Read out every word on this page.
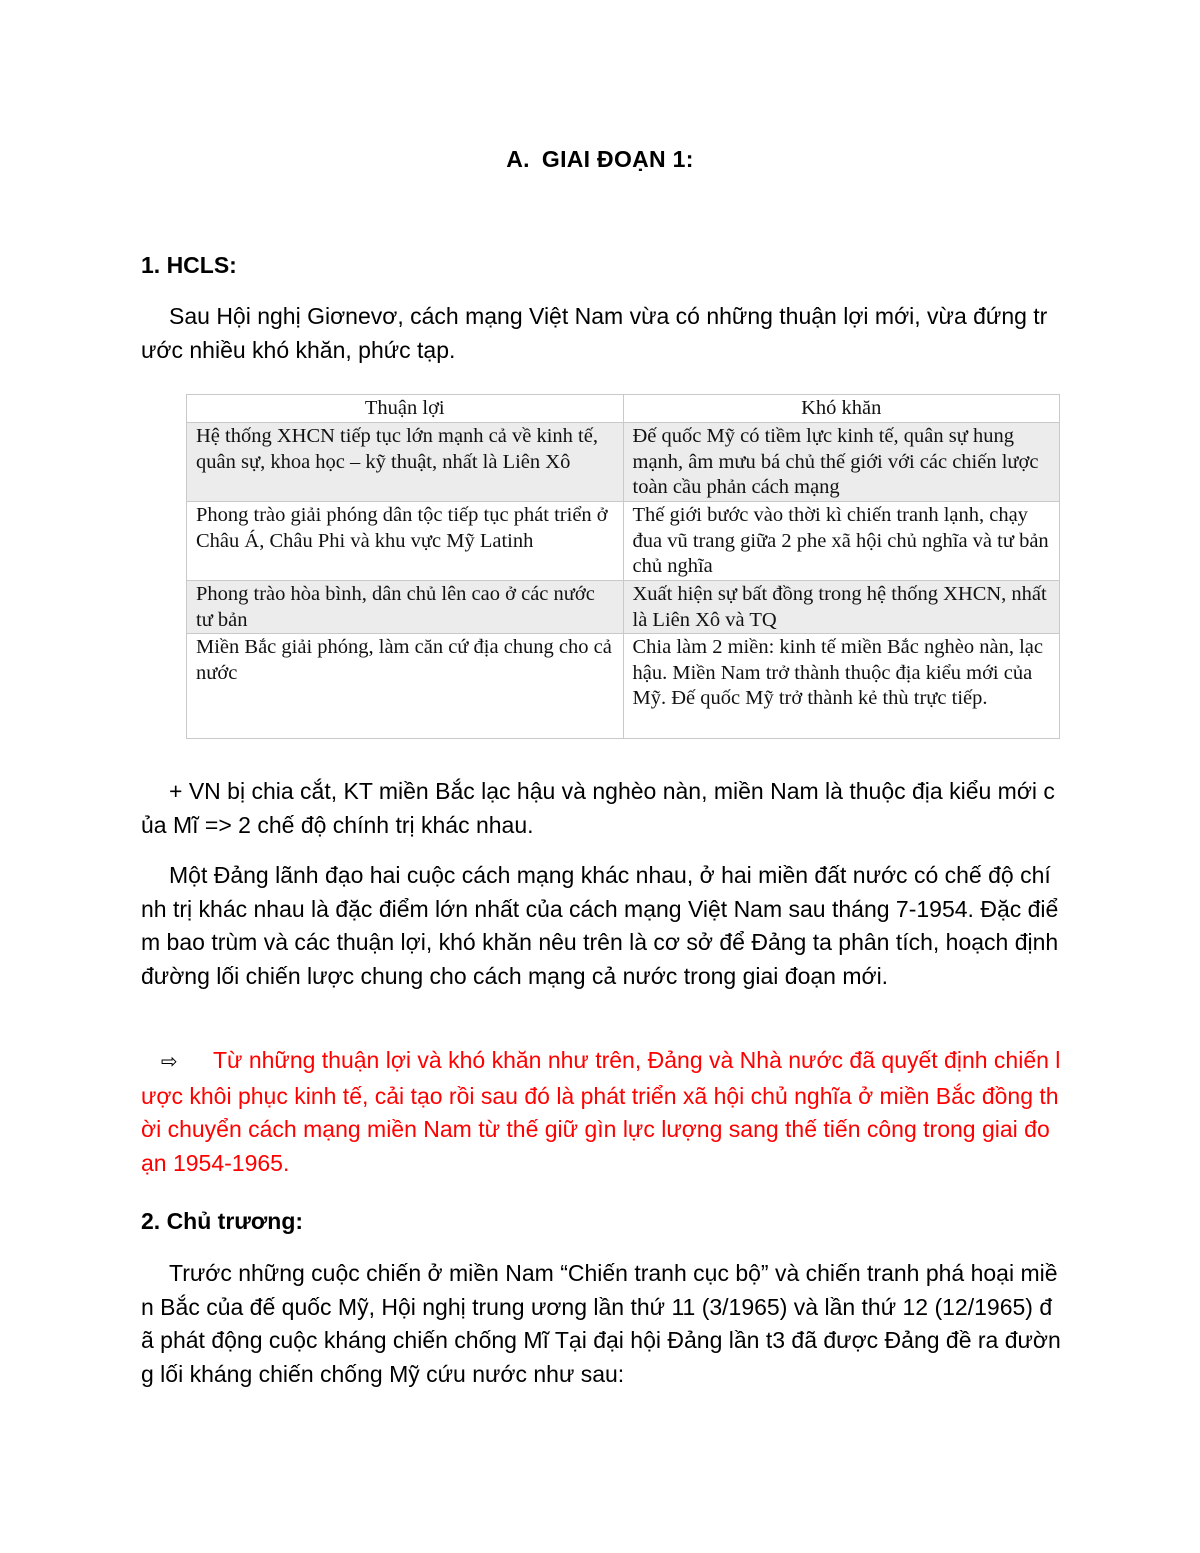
A. GIAI ĐOẠN 1:
1. HCLS:

Sau Hội nghị Giơnevơ, cách mạng Việt Nam vừa có những thuận lợi mới, vừa đứng trước nhiều khó khăn, phức tạp.

Thuận lợi	Khó khăn
Hệ thống XHCN tiếp tục lớn mạnh cả về kinh tế, quân sự, khoa học – kỹ thuật, nhất là Liên Xô	Đế quốc Mỹ có tiềm lực kinh tế, quân sự hung mạnh, âm mưu bá chủ thế giới với các chiến lược toàn cầu phản cách mạng
Phong trào giải phóng dân tộc tiếp tục phát triển ở Châu Á, Châu Phi và khu vực Mỹ Latinh	Thế giới bước vào thời kì chiến tranh lạnh, chạy đua vũ trang giữa 2 phe xã hội chủ nghĩa và tư bản chủ nghĩa
Phong trào hòa bình, dân chủ lên cao ở các nước tư bản	Xuất hiện sự bất đồng trong hệ thống XHCN, nhất là Liên Xô và TQ
Miền Bắc giải phóng, làm căn cứ địa chung cho cả nước	Chia làm 2 miền: kinh tế miền Bắc nghèo nàn, lạc hậu. Miền Nam trở thành thuộc địa kiểu mới của Mỹ. Đế quốc Mỹ trở thành kẻ thù trực tiếp.

+ VN bị chia cắt, KT miền Bắc lạc hậu và nghèo nàn, miền Nam là thuộc địa kiểu mới của Mĩ => 2 chế độ chính trị khác nhau.

Một Đảng lãnh đạo hai cuộc cách mạng khác nhau, ở hai miền đất nước có chế độ chính trị khác nhau là đặc điểm lớn nhất của cách mạng Việt Nam sau tháng 7-1954. Đặc điểm bao trùm và các thuận lợi, khó khăn nêu trên là cơ sở để Đảng ta phân tích, hoạch định đường lối chiến lược chung cho cách mạng cả nước trong giai đoạn mới.

⇨ Từ những thuận lợi và khó khăn như trên, Đảng và Nhà nước đã quyết định chiến lược khôi phục kinh tế, cải tạo rồi sau đó là phát triển xã hội chủ nghĩa ở miền Bắc đồng thời chuyển cách mạng miền Nam từ thế giữ gìn lực lượng sang thế tiến công trong giai đoạn 1954-1965.

2. Chủ trương:

Trước những cuộc chiến ở miền Nam “Chiến tranh cục bộ” và chiến tranh phá hoại miền Bắc của đế quốc Mỹ, Hội nghị trung ương lần thứ 11 (3/1965) và lần thứ 12 (12/1965) đã phát động cuộc kháng chiến chống Mĩ Tại đại hội Đảng lần t3 đã được Đảng đề ra đường lối kháng chiến chống Mỹ cứu nước như sau:
